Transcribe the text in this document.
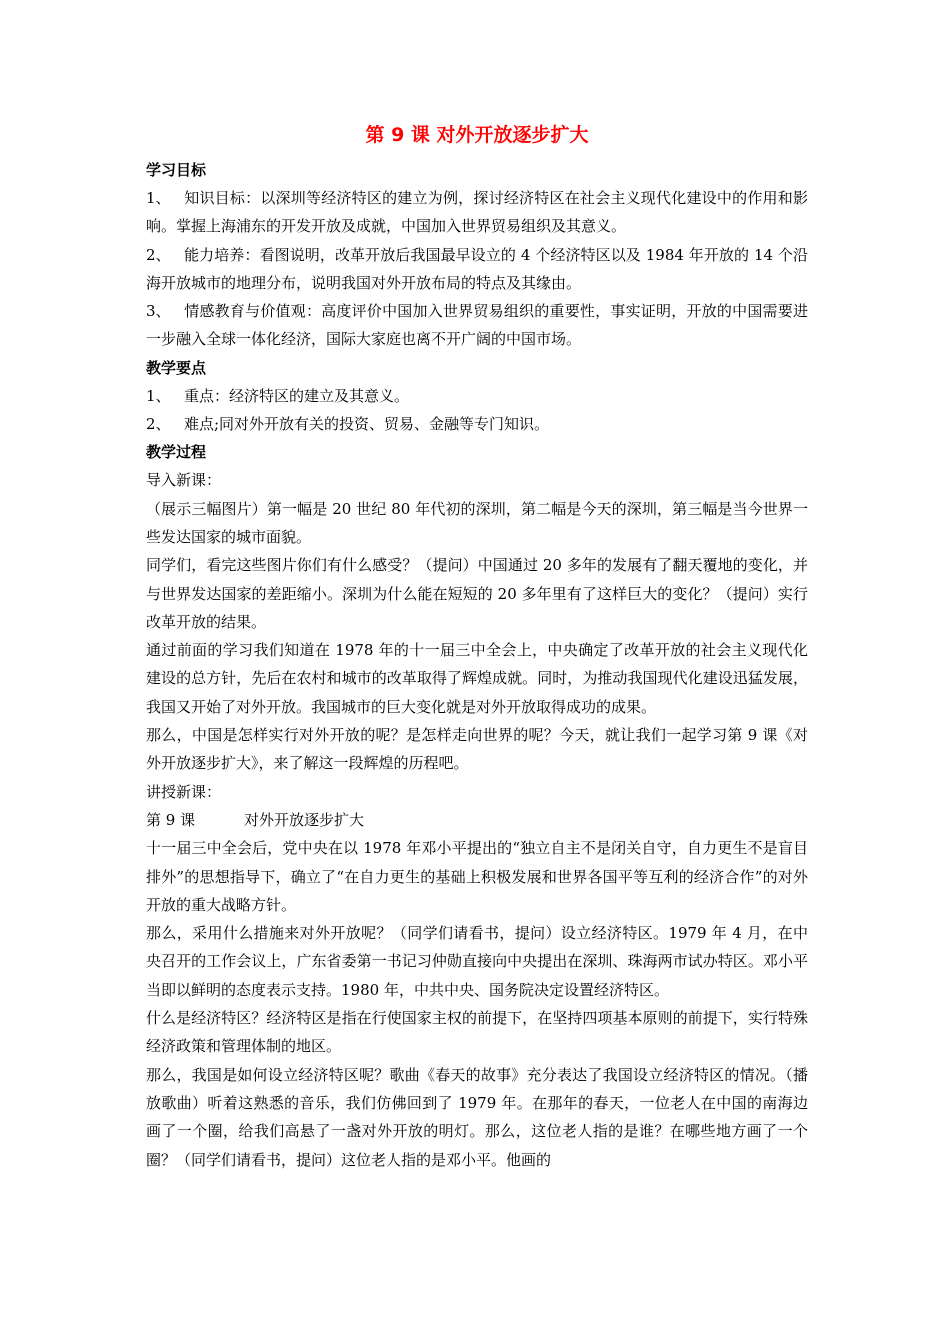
第 9 课 对外开放逐步扩大
学习目标

1、 知识目标：以深圳等经济特区的建立为例，探讨经济特区在社会主义现代化建设中的作用和影响。掌握上海浦东的开发开放及成就，中国加入世界贸易组织及其意义。

2、 能力培养：看图说明，改革开放后我国最早设立的 4 个经济特区以及 1984 年开放的 14 个沿海开放城市的地理分布，说明我国对外开放布局的特点及其缘由。

3、 情感教育与价值观：高度评价中国加入世界贸易组织的重要性，事实证明，开放的中国需要进一步融入全球一体化经济，国际大家庭也离不开广阔的中国市场。

教学要点

1、 重点：经济特区的建立及其意义。

2、 难点;同对外开放有关的投资、贸易、金融等专门知识。

教学过程

导入新课：

（展示三幅图片）第一幅是 20 世纪 80 年代初的深圳，第二幅是今天的深圳，第三幅是当今世界一些发达国家的城市面貌。

同学们，看完这些图片你们有什么感受？（提问）中国通过 20 多年的发展有了翻天覆地的变化，并与世界发达国家的差距缩小。深圳为什么能在短短的 20 多年里有了这样巨大的变化？（提问）实行改革开放的结果。

通过前面的学习我们知道在 1978 年的十一届三中全会上，中央确定了改革开放的社会主义现代化建设的总方针，先后在农村和城市的改革取得了辉煌成就。同时，为推动我国现代化建设迅猛发展，我国又开始了对外开放。我国城市的巨大变化就是对外开放取得成功的成果。

那么，中国是怎样实行对外开放的呢？是怎样走向世界的呢？今天，就让我们一起学习第 9 课《对外开放逐步扩大》，来了解这一段辉煌的历程吧。

讲授新课：

第 9 课	对外开放逐步扩大

十一届三中全会后，党中央在以 1978 年邓小平提出的“独立自主不是闭关自守，自力更生不是盲目排外”的思想指导下，确立了“在自力更生的基础上积极发展和世界各国平等互利的经济合作”的对外开放的重大战略方针。

那么，采用什么措施来对外开放呢？（同学们请看书，提问）设立经济特区。1979 年 4 月，在中央召开的工作会议上，广东省委第一书记习仲勋直接向中央提出在深圳、珠海两市试办特区。邓小平当即以鲜明的态度表示支持。1980 年，中共中央、国务院决定设置经济特区。

什么是经济特区？经济特区是指在行使国家主权的前提下，在坚持四项基本原则的前提下，实行特殊经济政策和管理体制的地区。

那么，我国是如何设立经济特区呢？歌曲《春天的故事》充分表达了我国设立经济特区的情况。（播放歌曲）听着这熟悉的音乐，我们仿佛回到了 1979 年。在那年的春天，一位老人在中国的南海边画了一个圈，给我们高悬了一盏对外开放的明灯。那么，这位老人指的是谁？在哪些地方画了一个圈？（同学们请看书，提问）这位老人指的是邓小平。他画的
